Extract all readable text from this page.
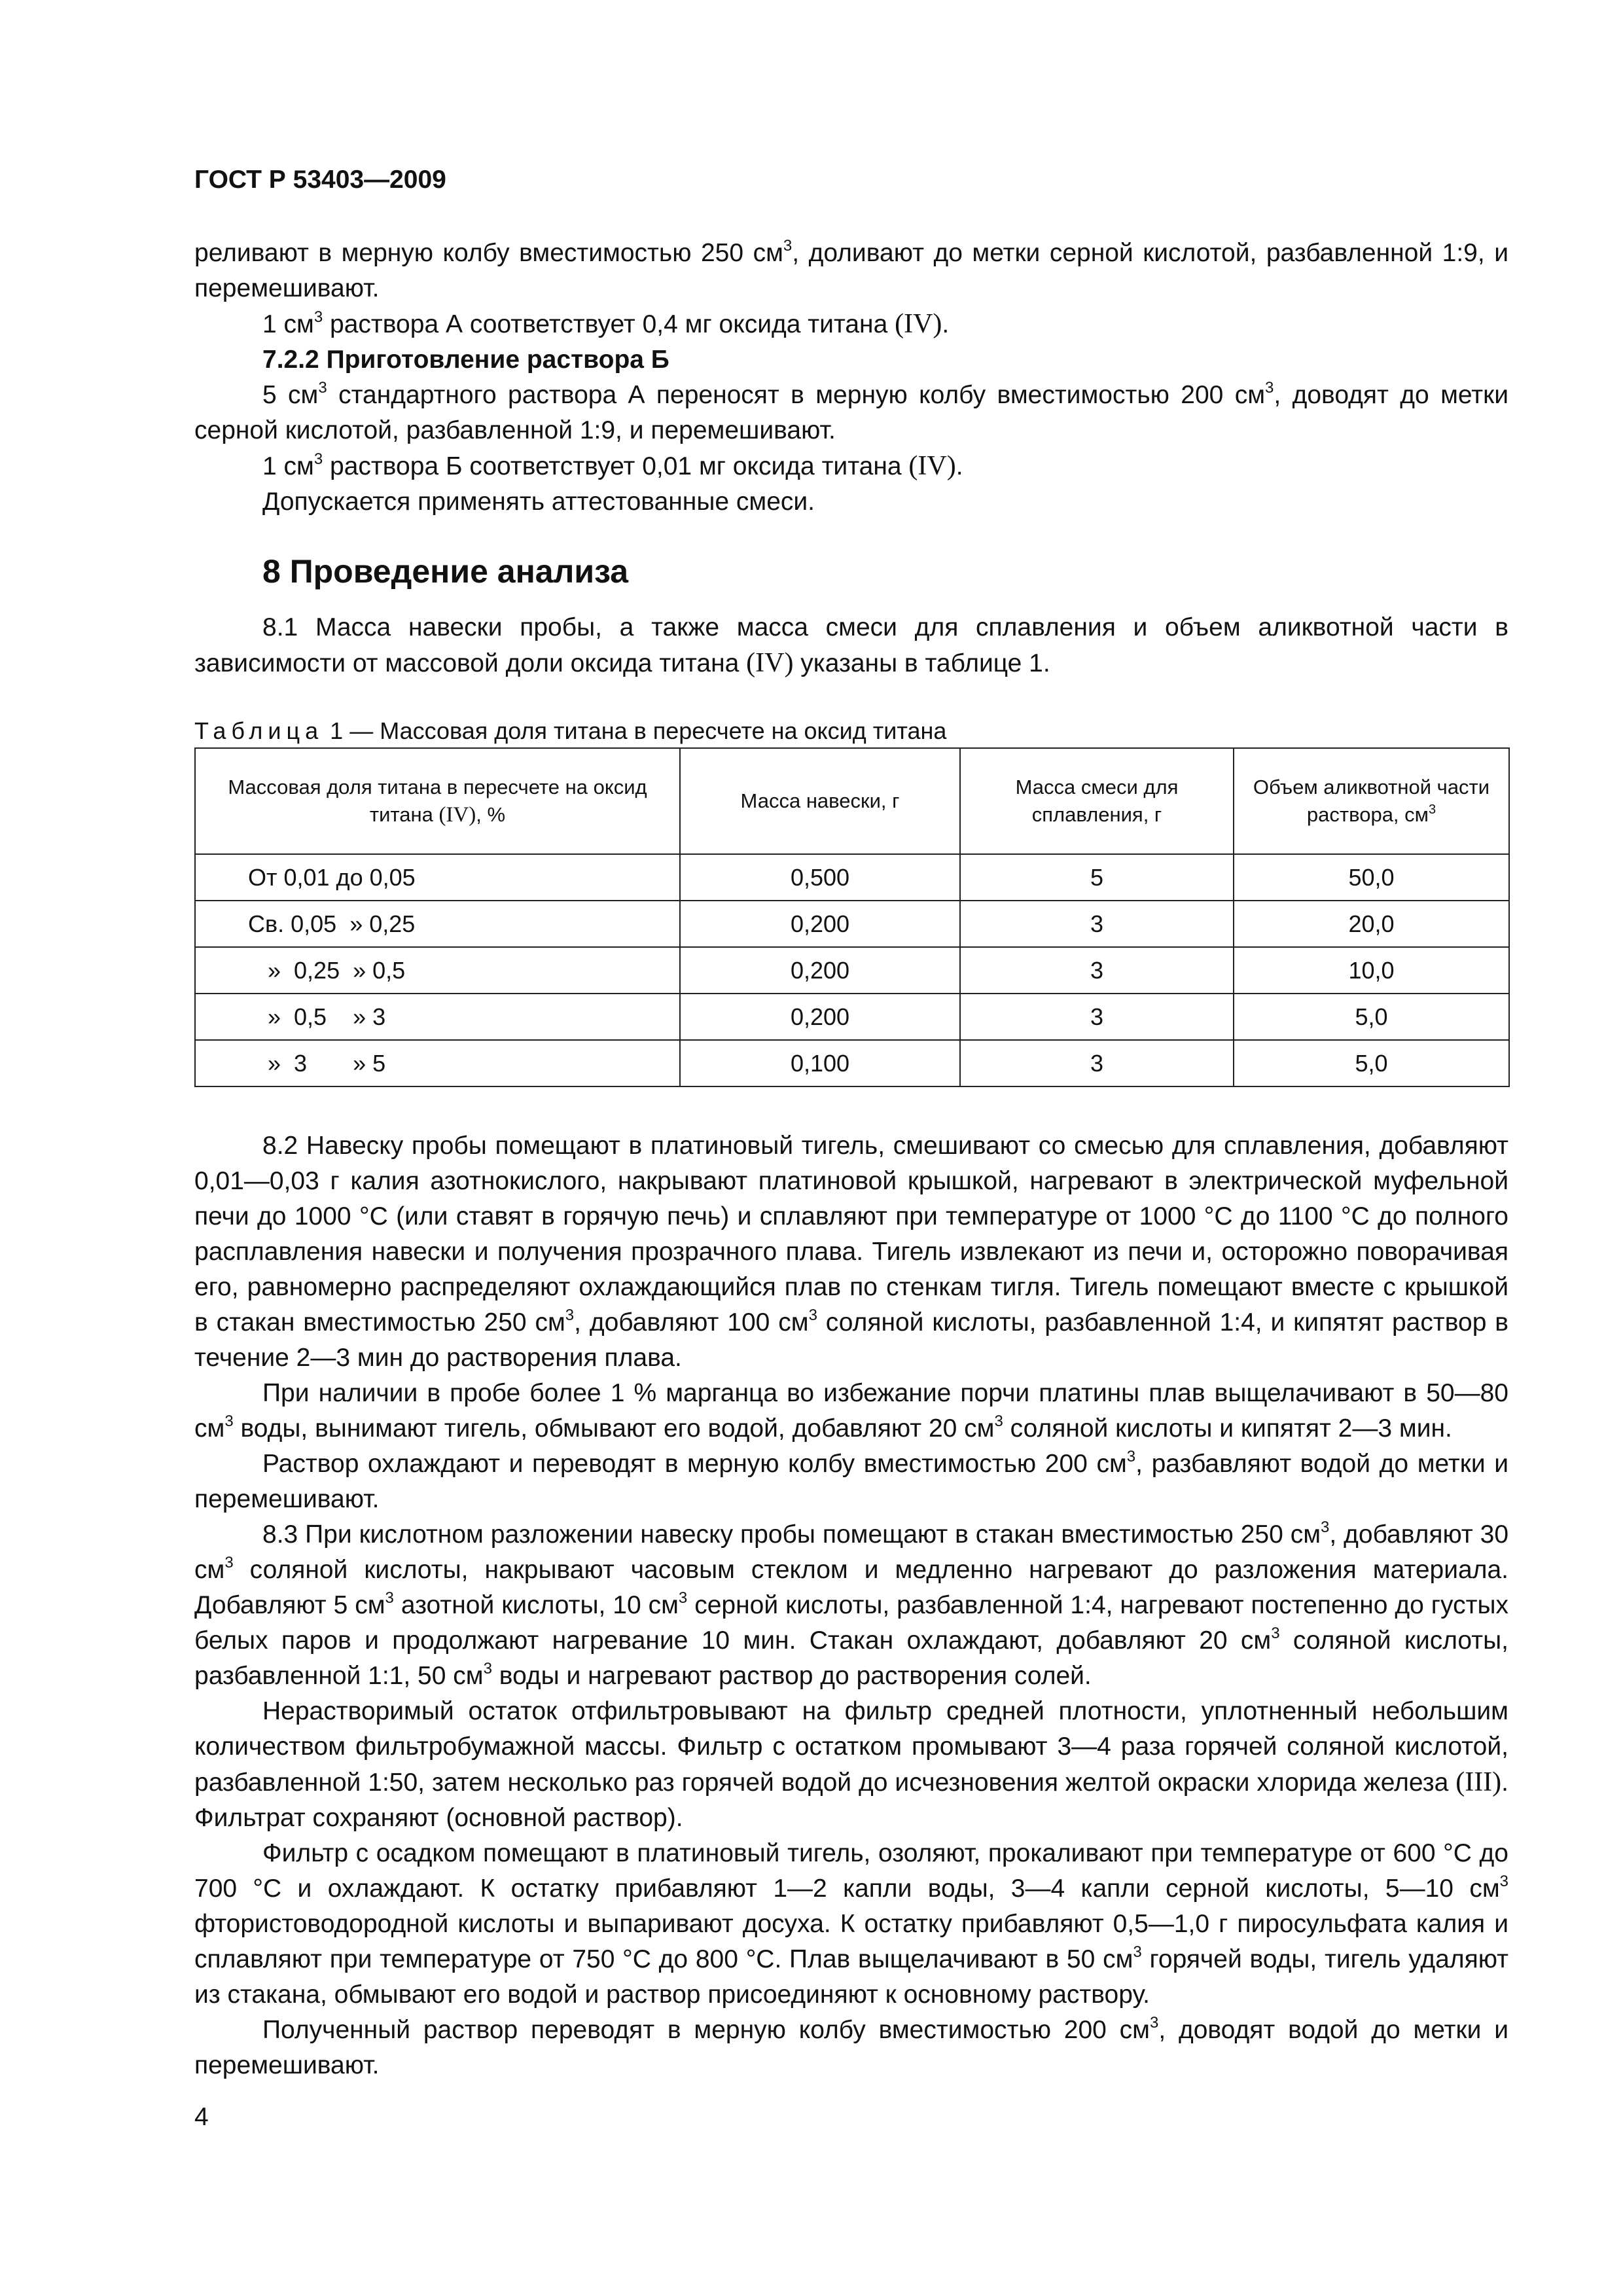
ГОСТ Р 53403—2009

реливают в мерную колбу вместимостью 250 $см^3$, доливают до метки серной кислотой, разбавленной 1:9, и перемешивают.

1 $см^3$ раствора А соответствует 0,4 мг оксида титана (IV).

7.2.2 Приготовление раствора Б

5 $см^3$ стандартного раствора А переносят в мерную колбу вместимостью 200 $см^3$, доводят до метки серной кислотой, разбавленной 1:9, и перемешивают.

1 $см^3$ раствора Б соответствует 0,01 мг оксида титана (IV).

Допускается применять аттестованные смеси.

8 Проведение анализа

8.1 Масса навески пробы, а также масса смеси для сплавления и объем аликвотной части в зависимости от массовой доли оксида титана (IV) указаны в таблице 1.

Таблица 1 — Массовая доля титана в пересчете на оксид титана
Массовая доля титана в пересчете на оксид титана (IV), %	Масса навески, г	Масса смеси для сплавления, г	Объем аликвотной части раствора, $см^3$
От 0,01 до 0,05	0,500	5	50,0
Св. 0,05  » 0,25	0,200	3	20,0
»  0,25  » 0,5	0,200	3	10,0
»  0,5    » 3	0,200	3	5,0
»  3       » 5	0,100	3	5,0

8.2 Навеску пробы помещают в платиновый тигель, смешивают со смесью для сплавления, добавляют 0,01—0,03 г калия азотнокислого, накрывают платиновой крышкой, нагревают в электрической муфельной печи до 1000 °С (или ставят в горячую печь) и сплавляют при температуре от 1000 °С до 1100 °С до полного расплавления навески и получения прозрачного плава. Тигель извлекают из печи и, осторожно поворачивая его, равномерно распределяют охлаждающийся плав по стенкам тигля. Тигель помещают вместе с крышкой в стакан вместимостью 250 $см^3$, добавляют 100 $см^3$ соляной кислоты, разбавленной 1:4, и кипятят раствор в течение 2—3 мин до растворения плава.

При наличии в пробе более 1 % марганца во избежание порчи платины плав выщелачивают в 50—80 $см^3$ воды, вынимают тигель, обмывают его водой, добавляют 20 $см^3$ соляной кислоты и кипятят 2—3 мин.

Раствор охлаждают и переводят в мерную колбу вместимостью 200 $см^3$, разбавляют водой до метки и перемешивают.

8.3 При кислотном разложении навеску пробы помещают в стакан вместимостью 250 $см^3$, добавляют 30 $см^3$ соляной кислоты, накрывают часовым стеклом и медленно нагревают до разложения материала. Добавляют 5 $см^3$ азотной кислоты, 10 $см^3$ серной кислоты, разбавленной 1:4, нагревают постепенно до густых белых паров и продолжают нагревание 10 мин. Стакан охлаждают, добавляют 20 $см^3$ соляной кислоты, разбавленной 1:1, 50 $см^3$ воды и нагревают раствор до растворения солей.

Нерастворимый остаток отфильтровывают на фильтр средней плотности, уплотненный небольшим количеством фильтробумажной массы. Фильтр с остатком промывают 3—4 раза горячей соляной кислотой, разбавленной 1:50, затем несколько раз горячей водой до исчезновения желтой окраски хлорида железа (III). Фильтрат сохраняют (основной раствор).

Фильтр с осадком помещают в платиновый тигель, озоляют, прокаливают при температуре от 600 °С до 700 °С и охлаждают. К остатку прибавляют 1—2 капли воды, 3—4 капли серной кислоты, 5—10 $см^3$ фтористоводородной кислоты и выпаривают досуха. К остатку прибавляют 0,5—1,0 г пиросульфата калия и сплавляют при температуре от 750 °С до 800 °С. Плав выщелачивают в 50 $см^3$ горячей воды, тигель удаляют из стакана, обмывают его водой и раствор присоединяют к основному раствору.

Полученный раствор переводят в мерную колбу вместимостью 200 $см^3$, доводят водой до метки и перемешивают.

4
